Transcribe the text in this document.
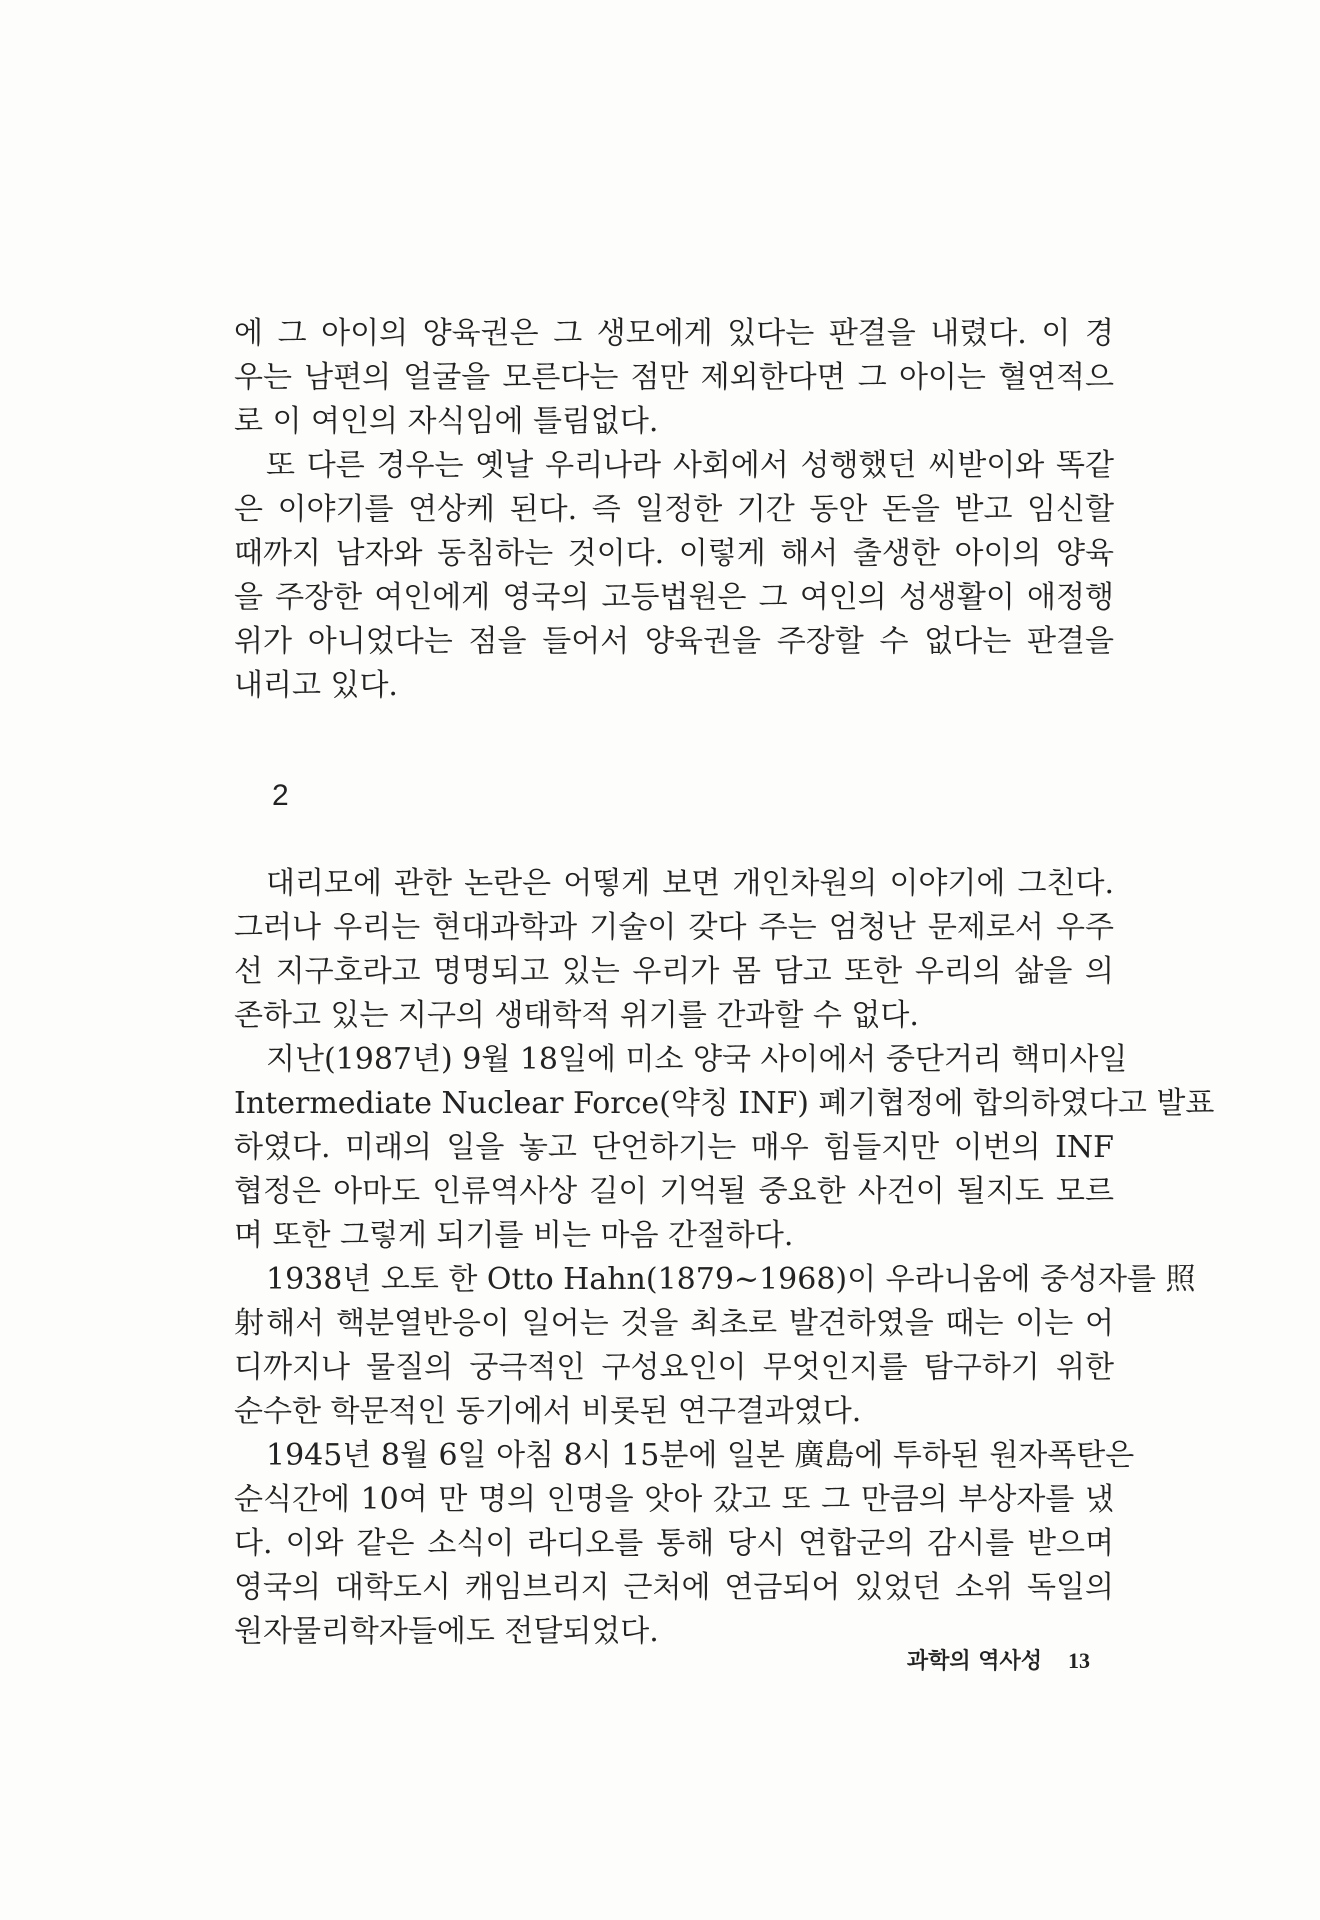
에 그 아이의 양육권은 그 생모에게 있다는 판결을 내렸다. 이 경
우는 남편의 얼굴을 모른다는 점만 제외한다면 그 아이는 혈연적으
로 이 여인의 자식임에 틀림없다.
또 다른 경우는 옛날 우리나라 사회에서 성행했던 씨받이와 똑같
은 이야기를 연상케 된다. 즉 일정한 기간 동안 돈을 받고 임신할
때까지 남자와 동침하는 것이다. 이렇게 해서 출생한 아이의 양육
을 주장한 여인에게 영국의 고등법원은 그 여인의 성생활이 애정행
위가 아니었다는 점을 들어서 양육권을 주장할 수 없다는 판결을
내리고 있다.
2
대리모에 관한 논란은 어떻게 보면 개인차원의 이야기에 그친다.
그러나 우리는 현대과학과 기술이 갖다 주는 엄청난 문제로서 우주
선 지구호라고 명명되고 있는 우리가 몸 담고 또한 우리의 삶을 의
존하고 있는 지구의 생태학적 위기를 간과할 수 없다.
지난(1987년) 9월 18일에 미소 양국 사이에서 중단거리 핵미사일
Intermediate Nuclear Force(약칭 INF) 폐기협정에 합의하였다고 발표
하였다. 미래의 일을 놓고 단언하기는 매우 힘들지만 이번의 INF
협정은 아마도 인류역사상 길이 기억될 중요한 사건이 될지도 모르
며 또한 그렇게 되기를 비는 마음 간절하다.
1938년 오토 한 Otto Hahn(1879~1968)이 우라니움에 중성자를 照
射해서 핵분열반응이 일어는 것을 최초로 발견하였을 때는 이는 어
디까지나 물질의 궁극적인 구성요인이 무엇인지를 탐구하기 위한
순수한 학문적인 동기에서 비롯된 연구결과였다.
1945년 8월 6일 아침 8시 15분에 일본 廣島에 투하된 원자폭탄은
순식간에 10여 만 명의 인명을 앗아 갔고 또 그 만큼의 부상자를 냈
다. 이와 같은 소식이 라디오를 통해 당시 연합군의 감시를 받으며
영국의 대학도시 캐임브리지 근처에 연금되어 있었던 소위 독일의
원자물리학자들에도 전달되었다.
과학의 역사성 13
